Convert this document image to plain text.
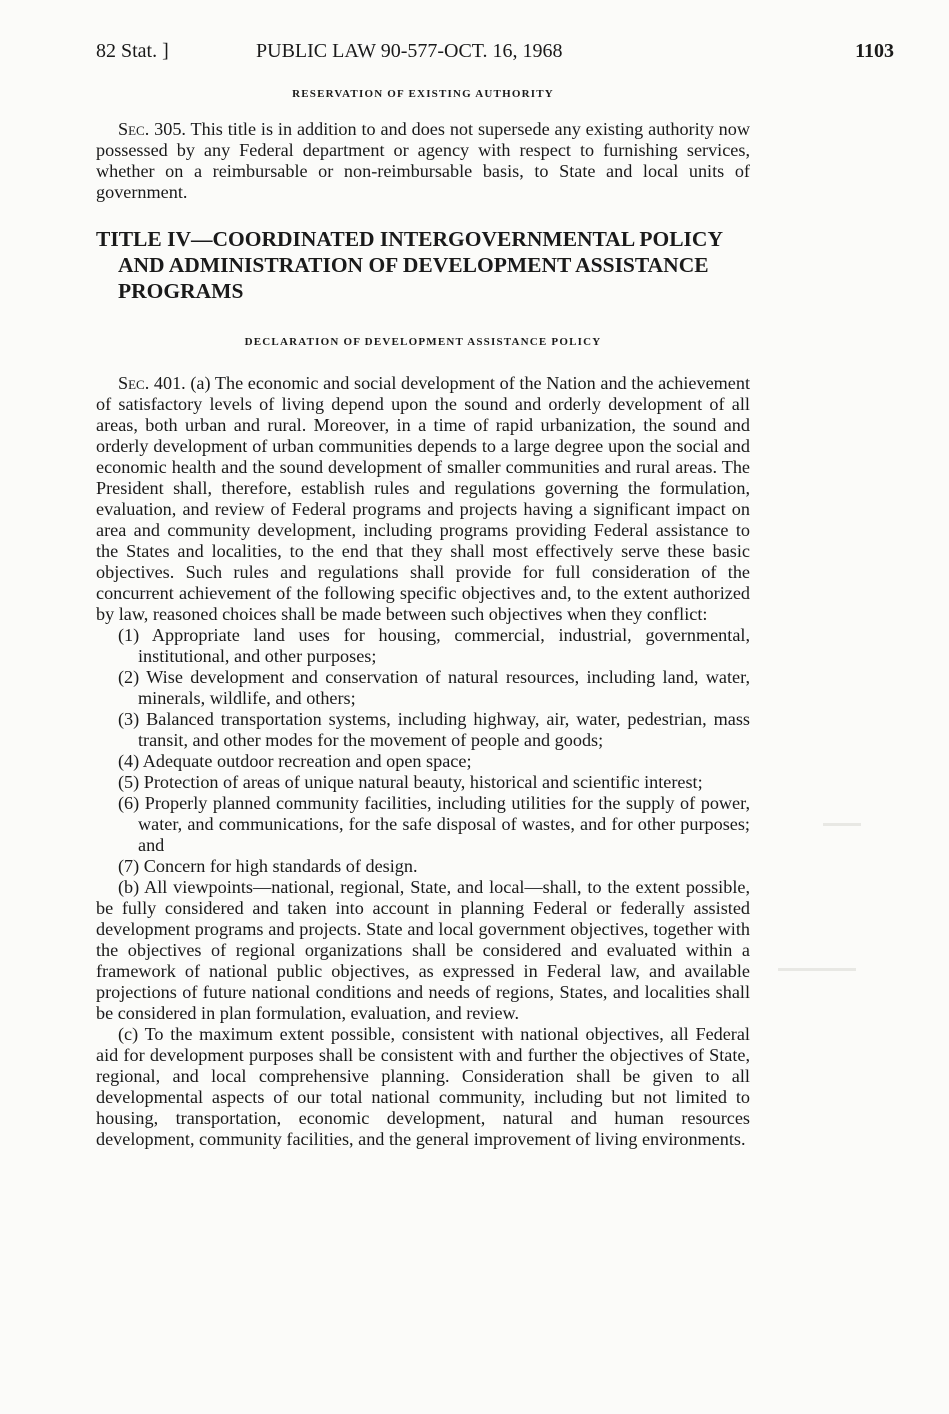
82 Stat. ]	PUBLIC LAW 90-577-OCT. 16, 1968	1103
RESERVATION OF EXISTING AUTHORITY

Sec. 305. This title is in addition to and does not supersede any existing authority now possessed by any Federal department or agency with respect to furnishing services, whether on a reimbursable or non-reimbursable basis, to State and local units of government.

TITLE IV—COORDINATED INTERGOVERNMENTAL POLICY AND ADMINISTRATION OF DEVELOPMENT ASSISTANCE PROGRAMS
DECLARATION OF DEVELOPMENT ASSISTANCE POLICY

Sec. 401. (a) The economic and social development of the Nation and the achievement of satisfactory levels of living depend upon the sound and orderly development of all areas, both urban and rural. Moreover, in a time of rapid urbanization, the sound and orderly development of urban communities depends to a large degree upon the social and economic health and the sound development of smaller communities and rural areas. The President shall, therefore, establish rules and regulations governing the formulation, evaluation, and review of Federal programs and projects having a significant impact on area and community development, including programs providing Federal assistance to the States and localities, to the end that they shall most effectively serve these basic objectives. Such rules and regulations shall provide for full consideration of the concurrent achievement of the following specific objectives and, to the extent authorized by law, reasoned choices shall be made between such objectives when they conflict:

(1) Appropriate land uses for housing, commercial, industrial, governmental, institutional, and other purposes;

(2) Wise development and conservation of natural resources, including land, water, minerals, wildlife, and others;

(3) Balanced transportation systems, including highway, air, water, pedestrian, mass transit, and other modes for the movement of people and goods;

(4) Adequate outdoor recreation and open space;

(5) Protection of areas of unique natural beauty, historical and scientific interest;

(6) Properly planned community facilities, including utilities for the supply of power, water, and communications, for the safe disposal of wastes, and for other purposes; and

(7) Concern for high standards of design.

(b) All viewpoints—national, regional, State, and local—shall, to the extent possible, be fully considered and taken into account in planning Federal or federally assisted development programs and projects. State and local government objectives, together with the objectives of regional organizations shall be considered and evaluated within a framework of national public objectives, as expressed in Federal law, and available projections of future national conditions and needs of regions, States, and localities shall be considered in plan formulation, evaluation, and review.

(c) To the maximum extent possible, consistent with national objectives, all Federal aid for development purposes shall be consistent with and further the objectives of State, regional, and local comprehensive planning. Consideration shall be given to all developmental aspects of our total national community, including but not limited to housing, transportation, economic development, natural and human resources development, community facilities, and the general improvement of living environments.
